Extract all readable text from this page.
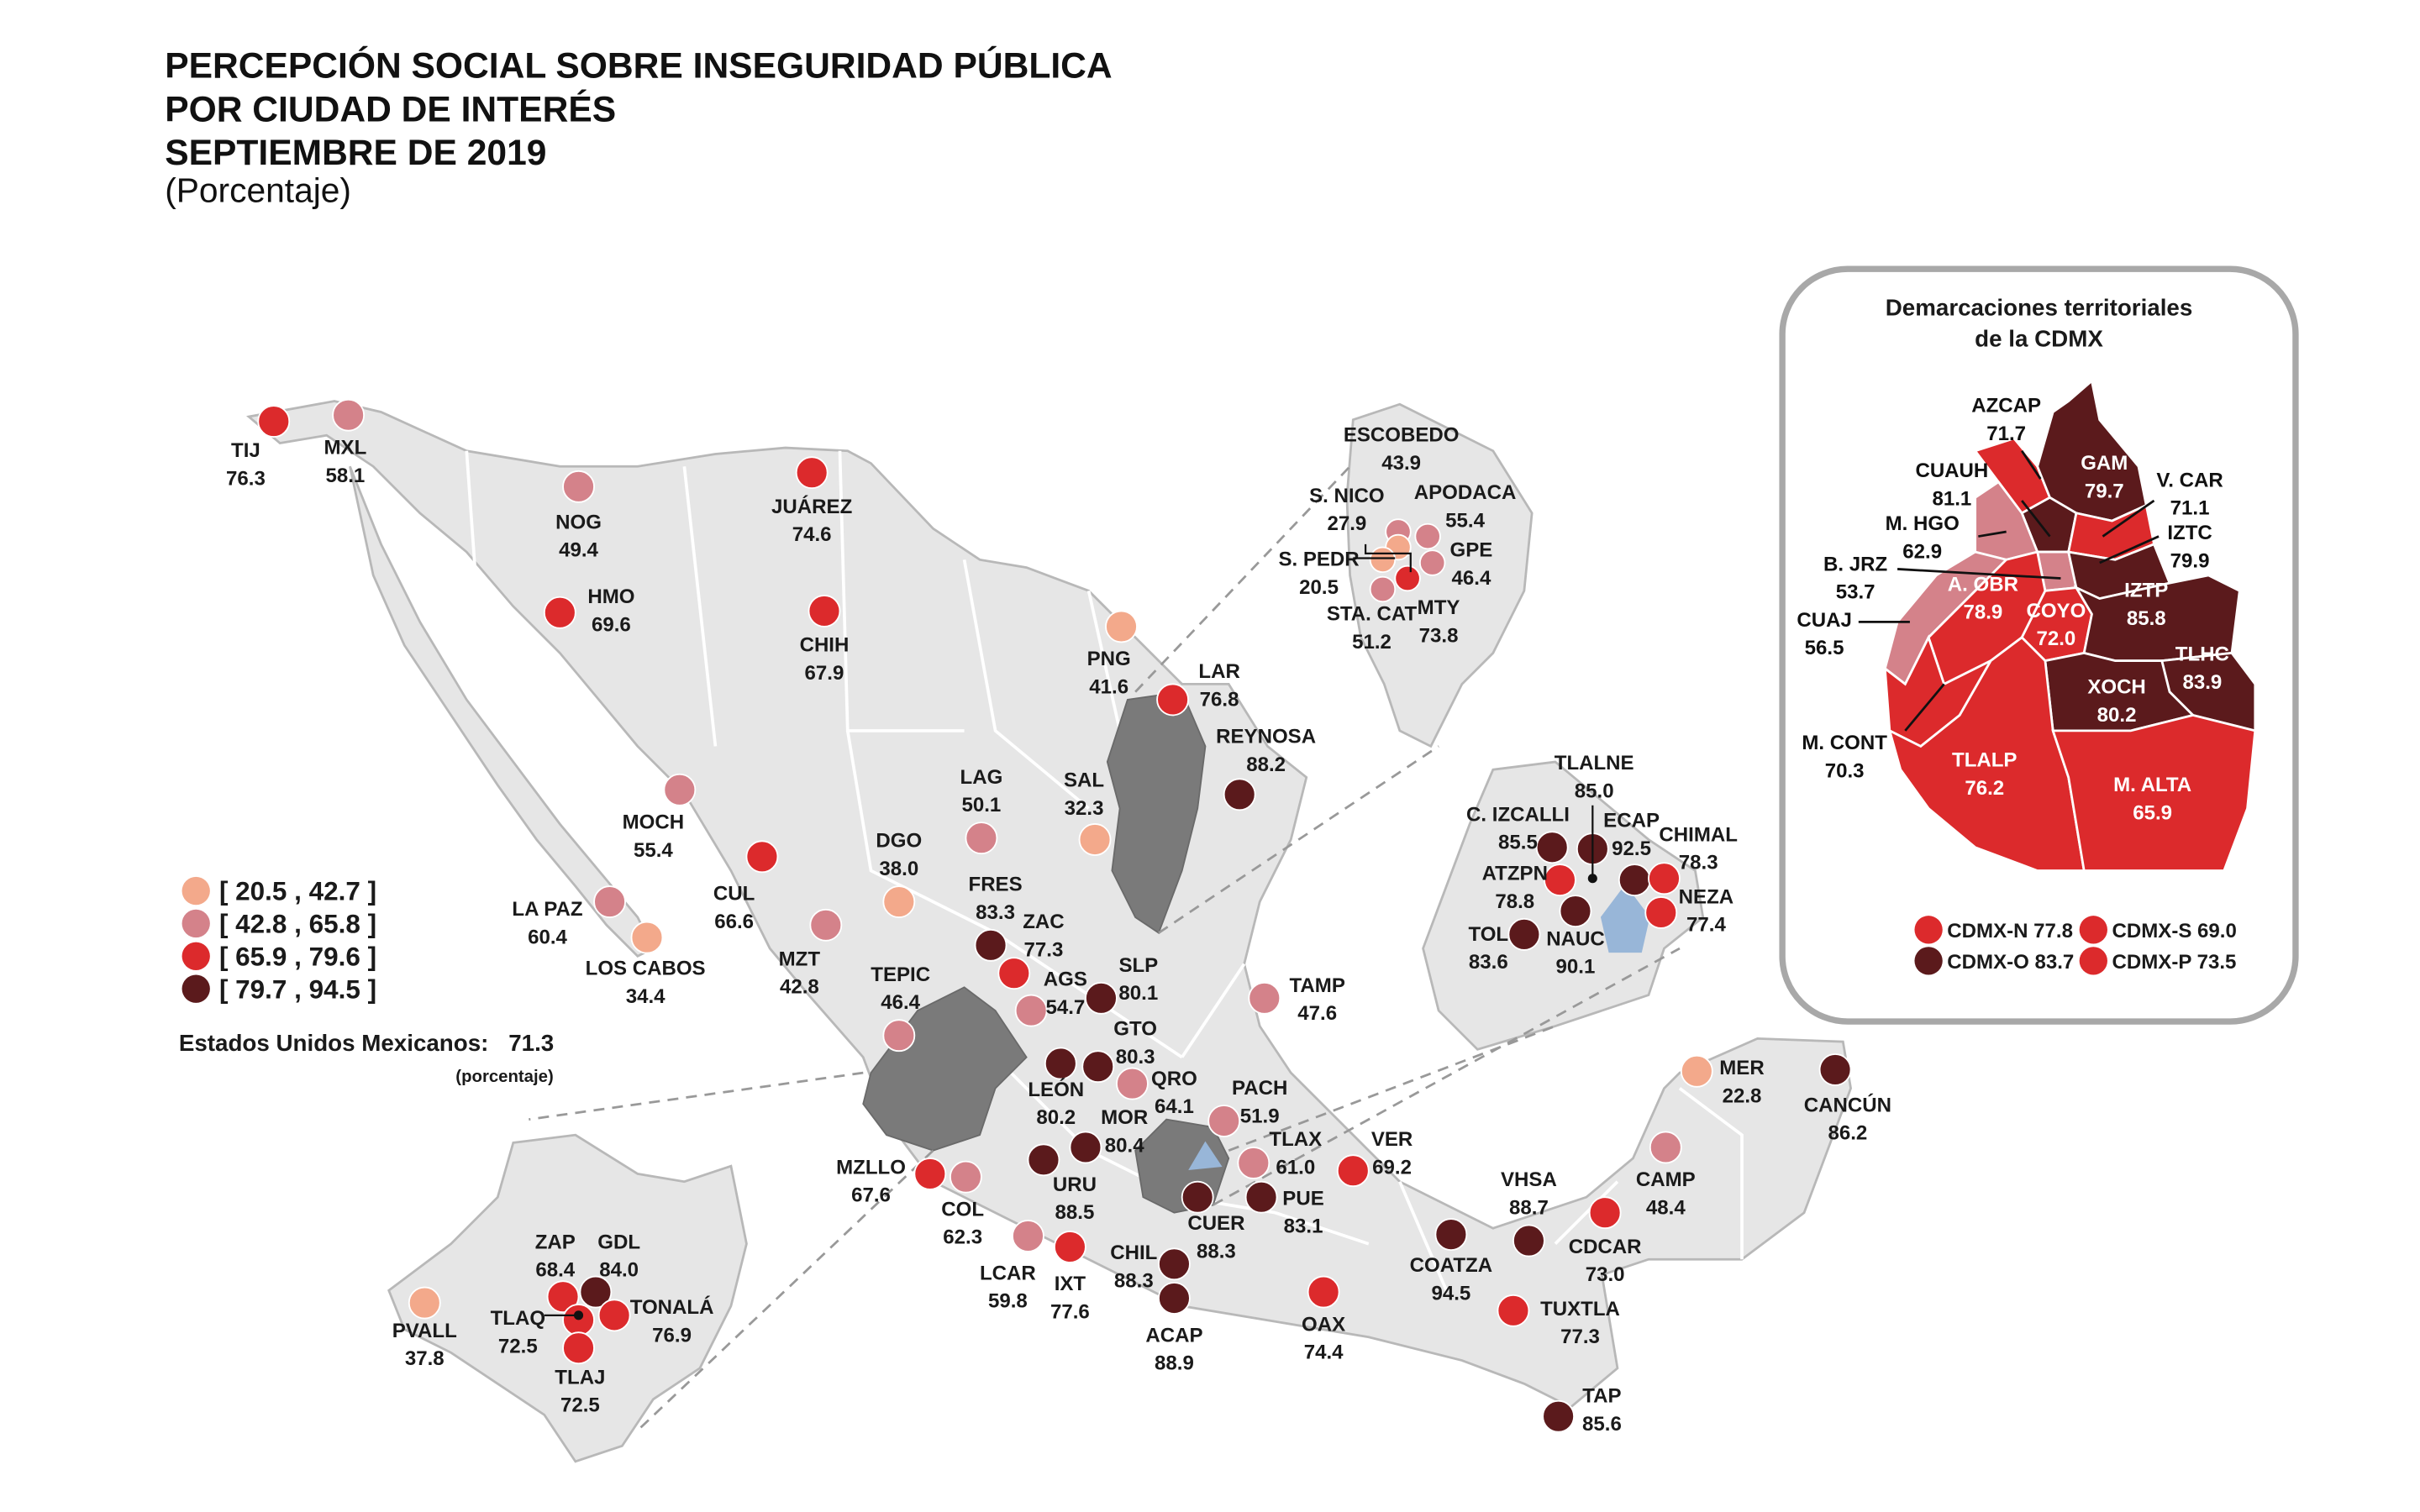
PERCEPCIÓN SOCIAL SOBRE INSEGURIDAD PÚBLICA
POR CIUDAD DE INTERÉS
SEPTIEMBRE DE 2019
(Porcentaje)
[ 20.5 , 42.7 ]
[ 42.8 , 65.8 ]
[ 65.9 , 79.6 ]
[ 79.7 , 94.5 ]
Estados Unidos Mexicanos: 71.3
(porcentaje)
TIJ
76.3
MXL
58.1
NOG
49.4
JUÁREZ
74.6
HMO
69.6
CHIH
67.9
PNG
41.6
LAR
76.8
REYNOSA
88.2
LAG
50.1
SAL
32.3
DGO
38.0
MOCH
55.4
CUL
66.6
LA PAZ
60.4
LOS CABOS
34.4
MZT
42.8
FRES
83.3 ZAC
77.3
TEPIC
46.4
AGS
54.7
SLP
80.1	TAMP
47.6
GTO
80.3
LEÓN
80.2
QRO
64.1
PACH
51.9
MOR
80.4	TLAX
61.0
VER
69.2
MZLLO
67.6	URU
88.5	CUER
88.3
PUE
83.1
COL
62.3
LCAR
59.8
IXT
77.6
CHIL
88.3
ACAP
88.9
OAX
74.4
COATZA
94.5
VHSA
88.7
CDCAR
73.0
CAMP
48.4
MER
22.8	CANCÚN
86.2
TUXTLA
77.3
TAP
85.6
ESCOBEDO
43.9
S. NICO
27.9
APODACA
55.4
S. PEDR
20.5
GPE
46.4
STA. CAT
51.2
MTY
73.8
TLALNE
85.0
C. IZCALLI
85.5
ECAP
92.5
CHIMAL
78.3
ATZPN
78.8	NEZA
77.4
TOL
83.6
NAUC
90.1
ZAP
68.4
GDL
84.0
TLAQ
72.5
TONALÁ
76.9
TLAJ
72.5
PVALL
37.8
Demarcaciones territoriales
de la CDMX
AZCAP
71.7
GAM
79.7
CUAUH
81.1
V. CAR
71.1
M. HGO
62.9
IZTC
79.9
B. JRZ
53.7	A. OBR
78.9 COYO
72.0
IZTP
85.8
CUAJ
56.5	TLHC
83.9
XOCH
80.2
M. CONT
70.3	TLALP
76.2	M. ALTA
65.9
CDMX-N 77.8	CDMX-S 69.0
CDMX-O 83.7	CDMX-P 73.5
